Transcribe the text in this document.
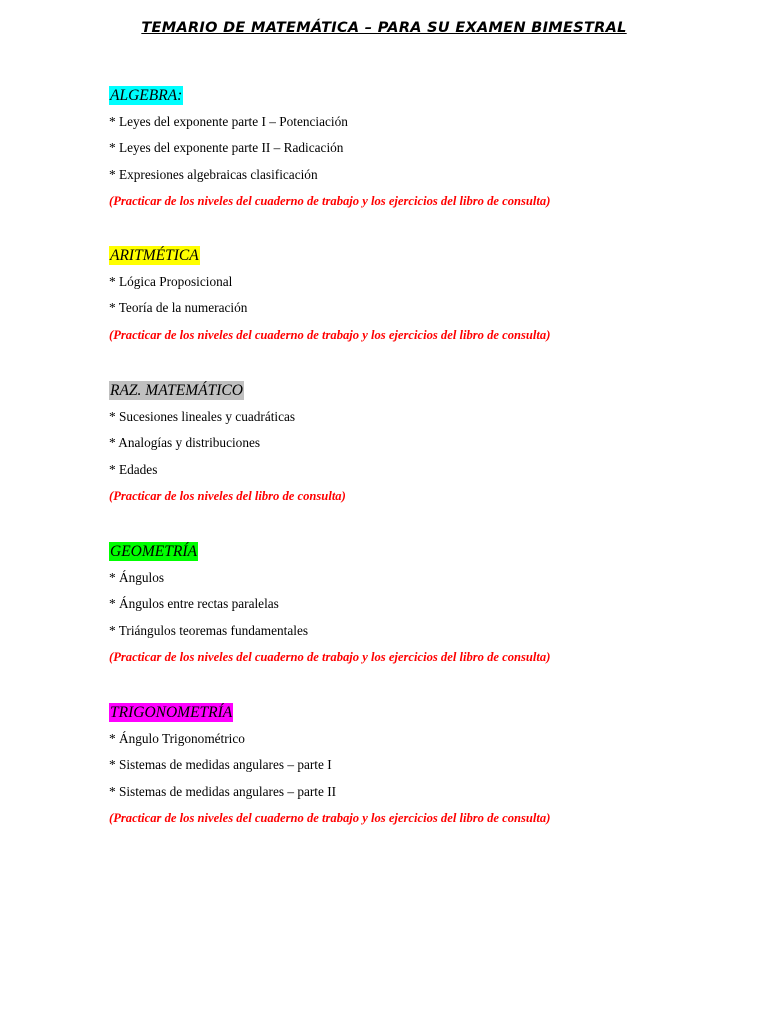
TEMARIO DE MATEMÁTICA – PARA SU EXAMEN BIMESTRAL
ALGEBRA:
* Leyes del exponente parte I – Potenciación
* Leyes del exponente parte II – Radicación
* Expresiones algebraicas clasificación
(Practicar de los niveles del cuaderno de trabajo y los ejercicios del libro de consulta)
ARITMÉTICA
* Lógica Proposicional
* Teoría de la numeración
(Practicar de los niveles del cuaderno de trabajo y los ejercicios del libro de consulta)
RAZ. MATEMÁTICO
* Sucesiones lineales y cuadráticas
* Analogías y distribuciones
* Edades
(Practicar de los niveles del libro de consulta)
GEOMETRÍA
* Ángulos
* Ángulos entre rectas paralelas
* Triángulos teoremas fundamentales
(Practicar de los niveles del cuaderno de trabajo y los ejercicios del libro de consulta)
TRIGONOMETRÍA
* Ángulo Trigonométrico
* Sistemas de medidas angulares – parte I
* Sistemas de medidas angulares – parte II
(Practicar de los niveles del cuaderno de trabajo y los ejercicios del libro de consulta)
